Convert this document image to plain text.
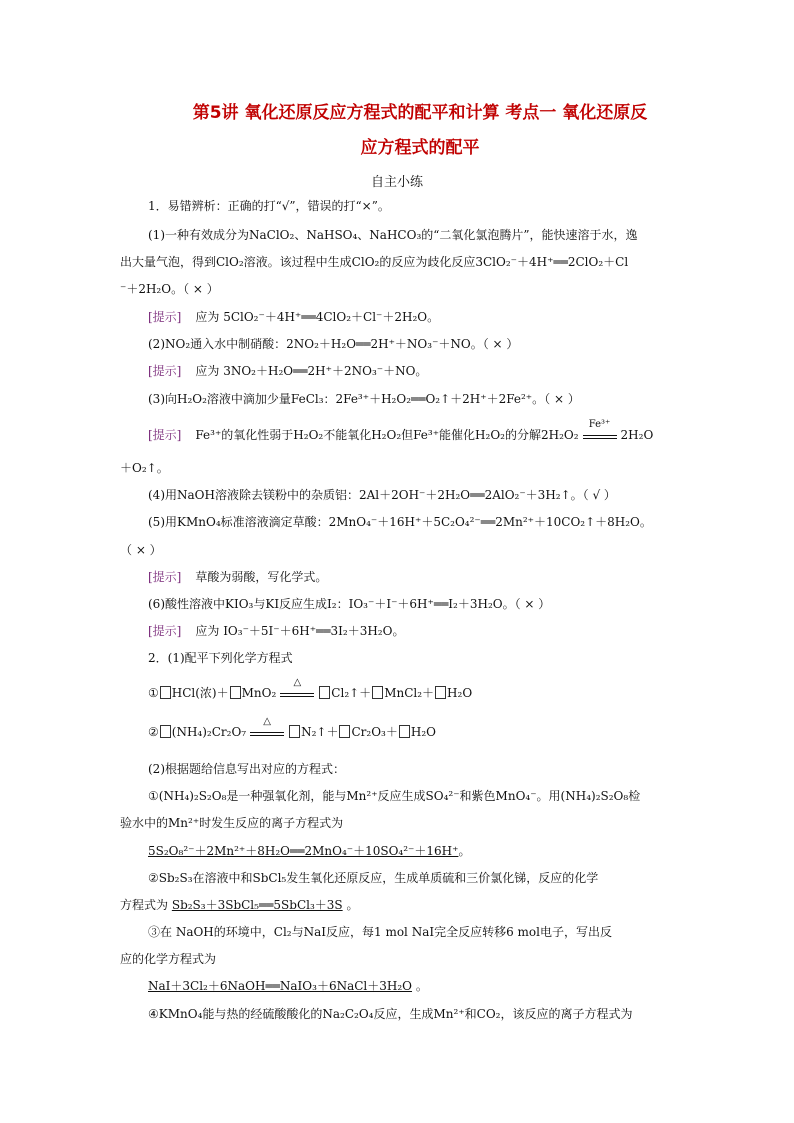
第5讲 氧化还原反应方程式的配平和计算 考点一 氧化还原反
应方程式的配平
自主小练
1．易错辨析：正确的打“√”，错误的打“×”。
(1)一种有效成分为NaClO₂、NaHSO₄、NaHCO₃的“二氧化氯泡腾片”，能快速溶于水，逸
出大量气泡，得到ClO₂溶液。该过程中生成ClO₂的反应为歧化反应3ClO₂⁻＋4H⁺══2ClO₂＋Cl
⁻＋2H₂O。（ × ）
[提示] 应为 5ClO₂⁻＋4H⁺══4ClO₂＋Cl⁻＋2H₂O。
(2)NO₂通入水中制硝酸：2NO₂＋H₂O══2H⁺＋NO₃⁻＋NO。（ × ）
[提示] 应为 3NO₂＋H₂O══2H⁺＋2NO₃⁻＋NO。
(3)向H₂O₂溶液中滴加少量FeCl₃：2Fe³⁺＋H₂O₂══O₂↑＋2H⁺＋2Fe²⁺。（ × ）
[提示] Fe³⁺的氧化性弱于H₂O₂不能氧化H₂O₂但Fe³⁺能催化H₂O₂的分解2H₂O₂
Fe³⁺
2H₂O
＋O₂↑。
(4)用NaOH溶液除去镁粉中的杂质铝：2Al＋2OH⁻＋2H₂O══2AlO₂⁻＋3H₂↑。（ √ ）
(5)用KMnO₄标准溶液滴定草酸：2MnO₄⁻＋16H⁺＋5C₂O₄²⁻══2Mn²⁺＋10CO₂↑＋8H₂O。
（ × ）
[提示] 草酸为弱酸，写化学式。
(6)酸性溶液中KIO₃与KI反应生成I₂：IO₃⁻＋I⁻＋6H⁺══I₂＋3H₂O。（ × ）
[提示] 应为 IO₃⁻＋5I⁻＋6H⁺══3I₂＋3H₂O。
2．(1)配平下列化学方程式
① HCl(浓)＋ MnO₂
△
Cl₂↑＋ MnCl₂＋ H₂O
② (NH₄)₂Cr₂O₇
△
N₂↑＋ Cr₂O₃＋ H₂O
(2)根据题给信息写出对应的方程式：
①(NH₄)₂S₂O₈是一种强氧化剂，能与Mn²⁺反应生成SO₄²⁻和紫色MnO₄⁻。用(NH₄)₂S₂O₈检
验水中的Mn²⁺时发生反应的离子方程式为
5S₂O₈²⁻＋2Mn²⁺＋8H₂O══2MnO₄⁻＋10SO₄²⁻＋16H⁺。
②Sb₂S₃在溶液中和SbCl₅发生氧化还原反应，生成单质硫和三价氯化锑，反应的化学
方程式为 Sb₂S₃＋3SbCl₅══5SbCl₃＋3S 。
③在 NaOH的环境中，Cl₂与NaI反应，每1 mol NaI完全反应转移6 mol电子，写出反
应的化学方程式为
NaI＋3Cl₂＋6NaOH══NaIO₃＋6NaCl＋3H₂O 。
④KMnO₄能与热的经硫酸酸化的Na₂C₂O₄反应，生成Mn²⁺和CO₂，该反应的离子方程式为
